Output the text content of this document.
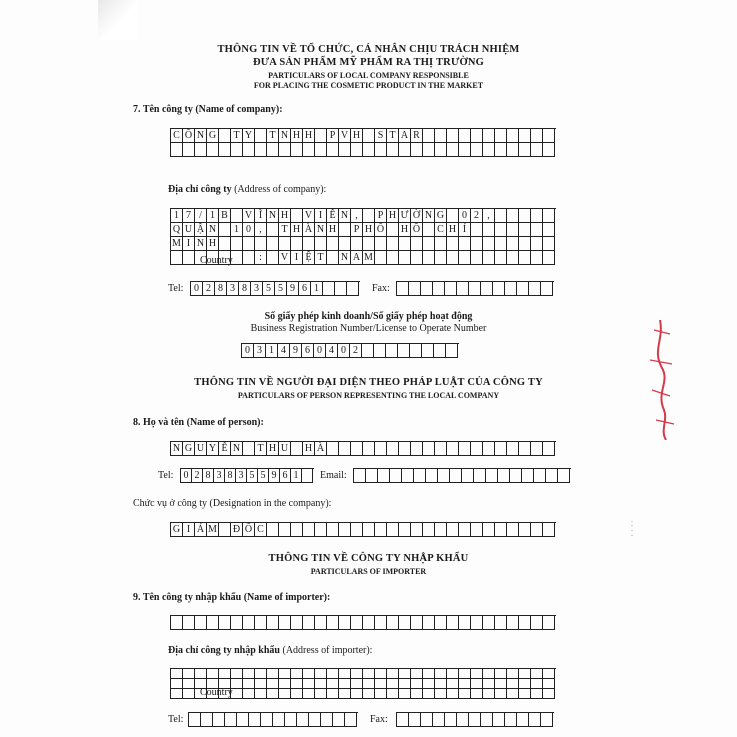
THÔNG TIN VỀ TỔ CHỨC, CÁ NHÂN CHỊU TRÁCH NHIỆM
ĐƯA SẢN PHẨM MỸ PHẨM RA THỊ TRƯỜNG
PARTICULARS OF LOCAL COMPANY RESPONSIBLE
FOR PLACING THE COSMETIC PRODUCT IN THE MARKET
7. Tên công ty (Name of company):
C Ô N G T Y T N H H P V H S T A R
Địa chỉ công ty (Address of company):
1 7 / 1 B	V Ĩ N H V I Ễ N ,	P H Ư Ờ N G	0 2 ,
Q U Ậ N	1 0 ,	T H À N H P H Ố H Ồ C H Í
M I N H
:	V I Ệ T	N A M
Country
Tel:	0 2 8 3 8 3 5 5 9 6 1	Fax:
Số giấy phép kinh doanh/Số giấy phép hoạt động
Business Registration Number/License to Operate Number
0 3 1 4 9 6 0 4 0 2
THÔNG TIN VỀ NGƯỜI ĐẠI DIỆN THEO PHÁP LUẬT CỦA CÔNG TY
PARTICULARS OF PERSON REPRESENTING THE LOCAL COMPANY
8. Họ và tên (Name of person):
N G U Y Ễ N T H U H À
Tel: 0 2 8 3 8 3 5 5 9 6 1	Email:
Chức vụ ở công ty (Designation in the company):
G I Á M Đ Ố C
THÔNG TIN VỀ CÔNG TY NHẬP KHẨU
PARTICULARS OF IMPORTER
9. Tên công ty nhập khẩu (Name of importer):
Địa chỉ công ty nhập khẩu (Address of importer):
Country
Tel:	Fax:
· · · ·
